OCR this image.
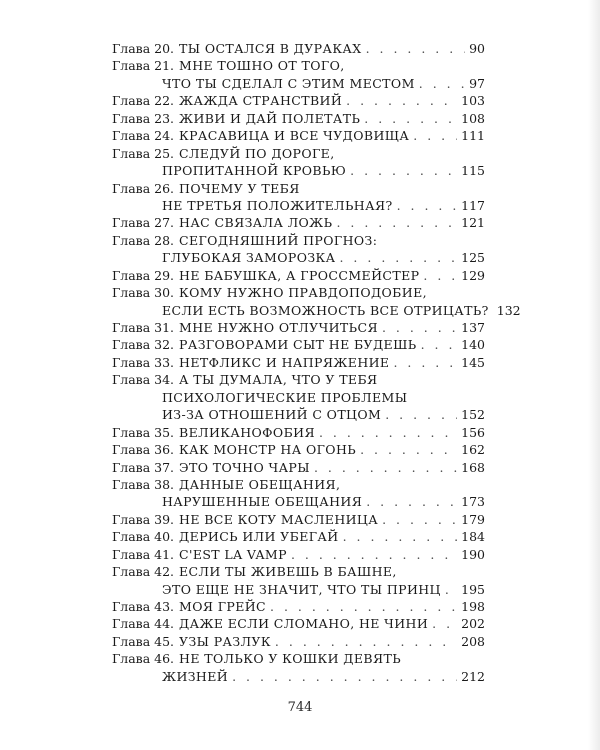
Глава 20. ТЫ ОСТАЛСЯ В ДУРАКАХ . . .	90
Глава 21. МНЕ ТОШНО ОТ ТОГО,
ЧТО ТЫ СДЕЛАЛ С ЭТИМ МЕСТОМ . . .	97
Глава 22. ЖАЖДА СТРАНСТВИЙ . . .	103
Глава 23. ЖИВИ И ДАЙ ПОЛЕТАТЬ . . .	108
Глава 24. КРАСАВИЦА И ВСЕ ЧУДОВИЩА . . .	111
Глава 25. СЛЕДУЙ ПО ДОРОГЕ,
ПРОПИТАННОЙ КРОВЬЮ . . .	115
Глава 26. ПОЧЕМУ У ТЕБЯ
НЕ ТРЕТЬЯ ПОЛОЖИТЕЛЬНАЯ? . . .	117
Глава 27. НАС СВЯЗАЛА ЛОЖЬ . . .	121
Глава 28. СЕГОДНЯШНИЙ ПРОГНОЗ:
ГЛУБОКАЯ ЗАМОРОЗКА . . .	125
Глава 29. НЕ БАБУШКА, А ГРОССМЕЙСТЕР . . .	129
Глава 30. КОМУ НУЖНО ПРАВДОПОДОБИЕ,
ЕСЛИ ЕСТЬ ВОЗМОЖНОСТЬ ВСЕ ОТРИЦАТЬ? 132
Глава 31. МНЕ НУЖНО ОТЛУЧИТЬСЯ . . .	137
Глава 32. РАЗГОВОРАМИ СЫТ НЕ БУДЕШЬ . . .	140
Глава 33. НЕТФЛИКС И НАПРЯЖЕНИЕ . . .	145
Глава 34. А ТЫ ДУМАЛА, ЧТО У ТЕБЯ
ПСИХОЛОГИЧЕСКИЕ ПРОБЛЕМЫ
ИЗ-ЗА ОТНОШЕНИЙ С ОТЦОМ . . .	152
Глава 35. ВЕЛИКАНОФОБИЯ . . .	156
Глава 36. КАК МОНСТР НА ОГОНЬ . . .	162
Глава 37. ЭТО ТОЧНО ЧАРЫ . . .	168
Глава 38. ДАННЫЕ ОБЕЩАНИЯ,
НАРУШЕННЫЕ ОБЕЩАНИЯ . . .	173
Глава 39. НЕ ВСЕ КОТУ МАСЛЕНИЦА . . .	179
Глава 40. ДЕРИСЬ ИЛИ УБЕГАЙ . . .	184
Глава 41. C'EST LA VAMP . . .	190
Глава 42. ЕСЛИ ТЫ ЖИВЕШЬ В БАШНЕ,
ЭТО ЕЩЕ НЕ ЗНАЧИТ, ЧТО ТЫ ПРИНЦ . . . 195
Глава 43. МОЯ ГРЕЙС . . .	198
Глава 44. ДАЖЕ ЕСЛИ СЛОМАНО, НЕ ЧИНИ . . .	202
Глава 45. УЗЫ РАЗЛУК . . .	208
Глава 46. НЕ ТОЛЬКО У КОШКИ ДЕВЯТЬ
ЖИЗНЕЙ . . .	212
744
